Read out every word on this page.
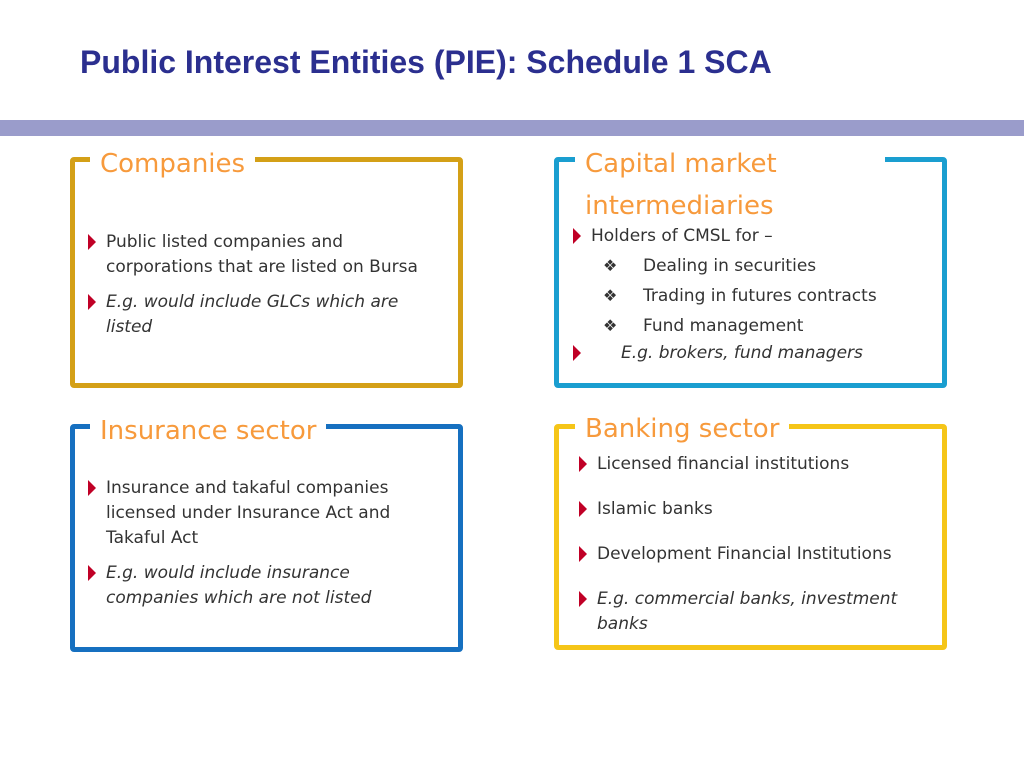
Public Interest Entities (PIE): Schedule 1 SCA
Companies
Public listed companies and corporations that are listed on Bursa
E.g. would include GLCs which are listed
Capital market intermediaries
Holders of CMSL for –
❖ Dealing in securities
❖ Trading in futures contracts
❖ Fund management
E.g. brokers, fund managers
Insurance sector
Insurance and takaful companies licensed under Insurance Act and Takaful Act
E.g. would include insurance companies which are not listed
Banking sector
Licensed financial institutions
Islamic banks
Development Financial Institutions
E.g. commercial banks, investment banks
